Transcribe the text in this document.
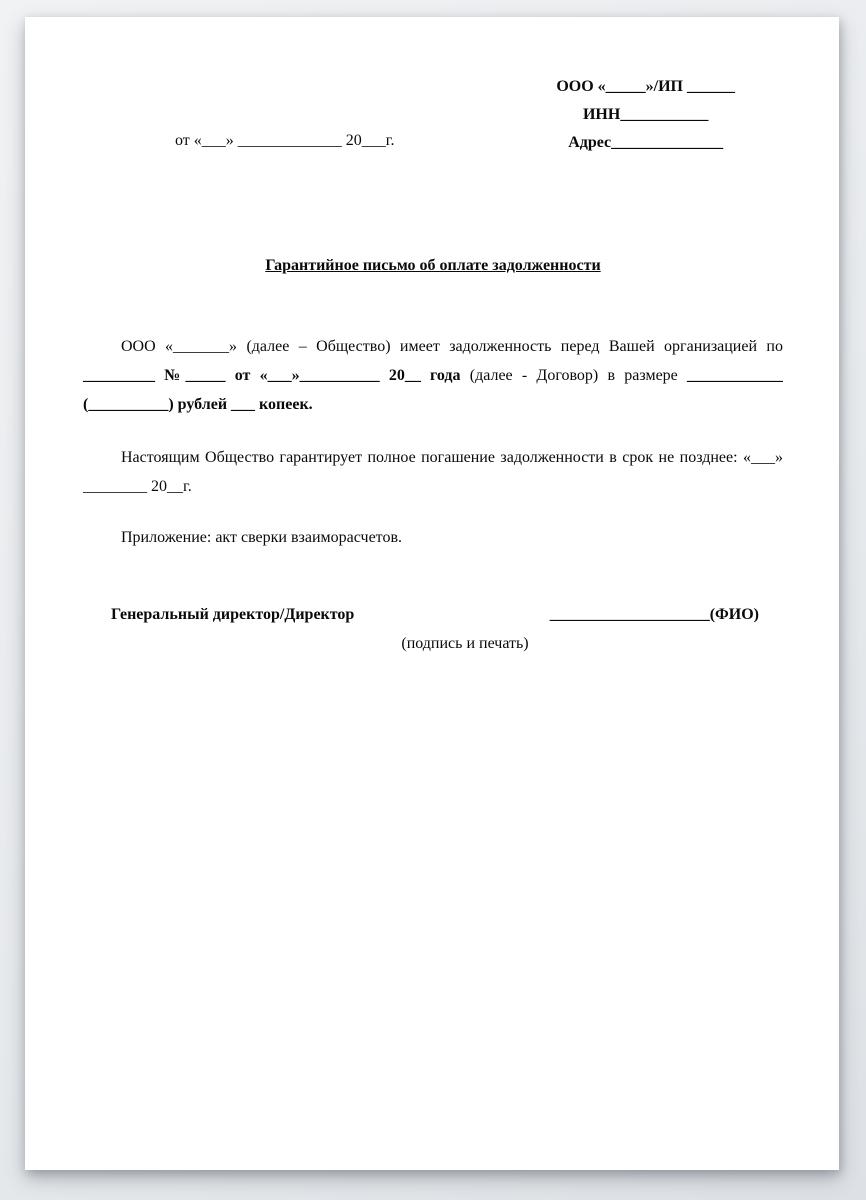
ООО «_____»/ИП ______
ИНН___________
Адрес______________
от «___» _____________ 20___г.
Гарантийное письмо об оплате задолженности
ООО «_______» (далее – Общество) имеет задолженность перед Вашей организацией по
_________ №_____ от «___»__________ 20__ года (далее - Договор) в размере ____________
(__________) рублей ___ копеек.
Настоящим Общество гарантирует полное погашение задолженности в срок не позднее: «___»
________ 20__г.
Приложение: акт сверки взаиморасчетов.
Генеральный директор/Директор	____________________(ФИО)
(подпись и печать)
